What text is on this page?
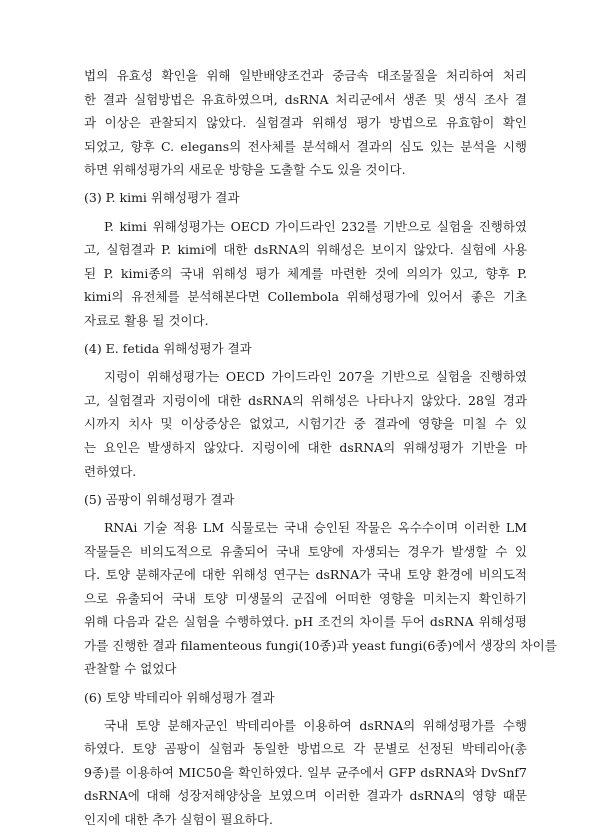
법의 유효성 확인을 위해 일반배양조건과 중금속 대조물질을 처리하여 처리
한 결과 실험방법은 유효하였으며, dsRNA 처리군에서 생존 및 생식 조사 결
과 이상은 관찰되지 않았다. 실험결과 위해성 평가 방법으로 유효함이 확인
되었고, 향후 C. elegans의 전사체를 분석해서 결과의 심도 있는 분석을 시행
하면 위해성평가의 새로운 방향을 도출할 수도 있을 것이다.
(3) P. kimi 위해성평가 결과
P. kimi 위해성평가는 OECD 가이드라인 232를 기반으로 실험을 진행하였
고, 실험결과 P. kimi에 대한 dsRNA의 위해성은 보이지 않았다. 실험에 사용
된 P. kimi종의 국내 위해성 평가 체계를 마련한 것에 의의가 있고, 향후 P.
kimi의 유전체를 분석해본다면 Collembola 위해성평가에 있어서 좋은 기초
자료로 활용 될 것이다.
(4) E. fetida 위해성평가 결과
지렁이 위해성평가는 OECD 가이드라인 207을 기반으로 실험을 진행하였
고, 실험결과 지렁이에 대한 dsRNA의 위해성은 나타나지 않았다. 28일 경과
시까지 치사 및 이상증상은 없었고, 시험기간 중 결과에 영향을 미칠 수 있
는 요인은 발생하지 않았다. 지렁이에 대한 dsRNA의 위해성평가 기반을 마
련하였다.
(5) 곰팡이 위해성평가 결과
RNAi 기술 적용 LM 식물로는 국내 승인된 작물은 옥수수이며 이러한 LM
작물들은 비의도적으로 유출되어 국내 토양에 자생되는 경우가 발생할 수 있
다. 토양 분해자군에 대한 위해성 연구는 dsRNA가 국내 토양 환경에 비의도적
으로 유출되어 국내 토양 미생물의 군집에 어떠한 영향을 미치는지 확인하기
위해 다음과 같은 실험을 수행하였다. pH 조건의 차이를 두어 dsRNA 위해성평
가를 진행한 결과 filamenteous fungi(10종)과 yeast fungi(6종)에서 생장의 차이를
관찰할 수 없었다
(6) 토양 박테리아 위해성평가 결과
국내 토양 분해자군인 박테리아를 이용하여 dsRNA의 위해성평가를 수행
하였다. 토양 곰팡이 실험과 동일한 방법으로 각 문별로 선정된 박테리아(총
9종)를 이용하여 MIC50을 확인하였다. 일부 균주에서 GFP dsRNA와 DvSnf7
dsRNA에 대해 성장저해양상을 보였으며 이러한 결과가 dsRNA의 영향 때문
인지에 대한 추가 실험이 필요하다.
